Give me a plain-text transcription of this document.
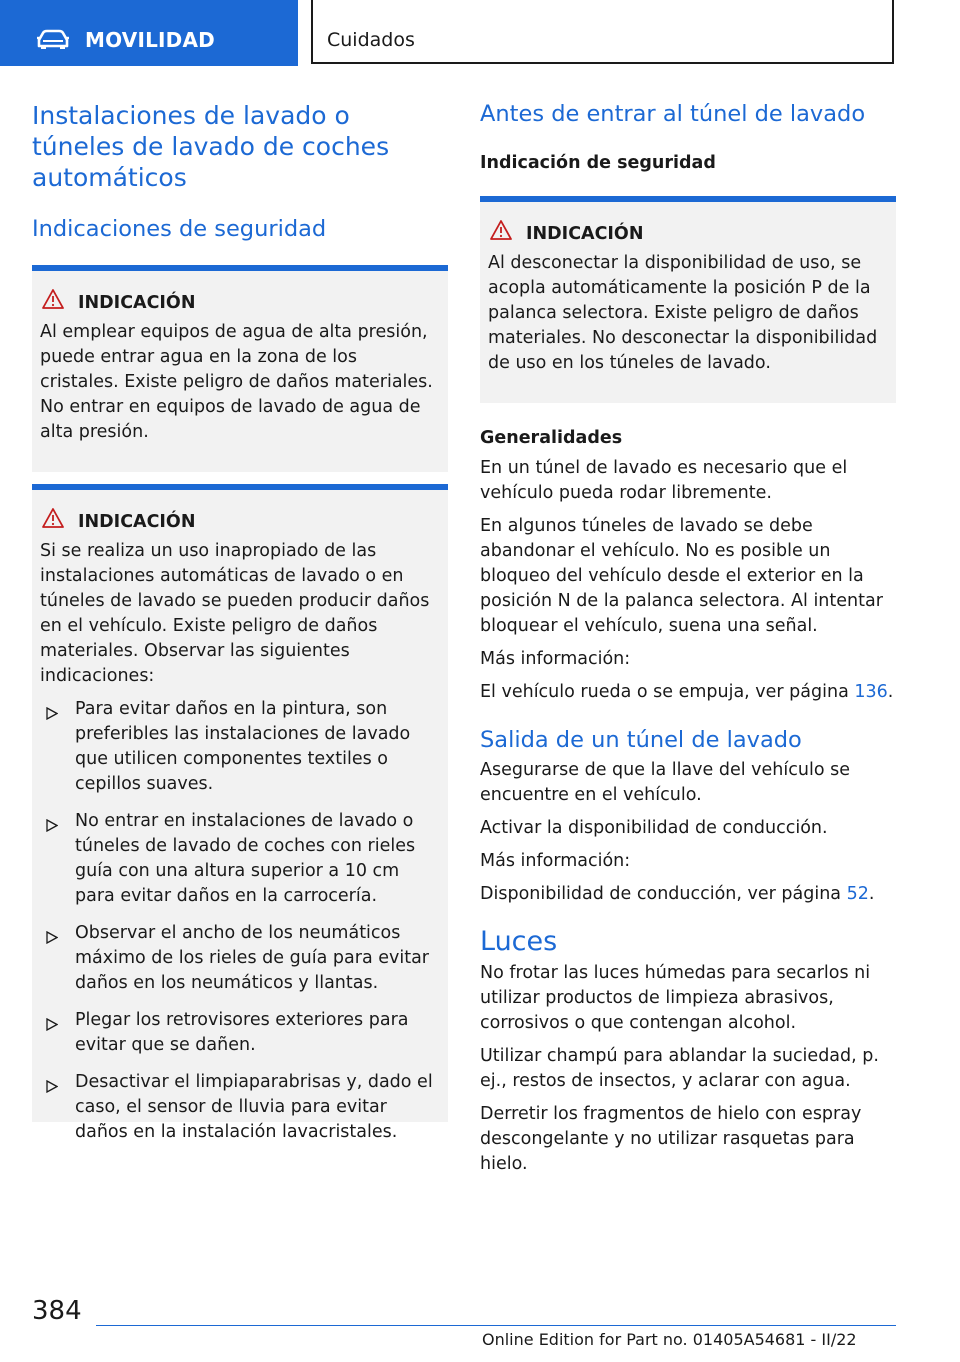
MOVILIDAD	Cuidados
Instalaciones de lavado o túneles de lavado de coches automáticos
Indicaciones de seguridad
INDICACIÓN

Al emplear equipos de agua de alta presión, puede entrar agua en la zona de los cristales. Existe peligro de daños materiales. No entrar en equipos de lavado de agua de alta presión.

INDICACIÓN

Si se realiza un uso inapropiado de las instalaciones automáticas de lavado o en túneles de lavado se pueden producir daños en el vehículo. Existe peligro de daños materiales. Observar las siguientes indicaciones:

Para evitar daños en la pintura, son preferibles las instalaciones de lavado que utilicen componentes textiles o cepillos suaves.
No entrar en instalaciones de lavado o túneles de lavado de coches con rieles guía con una altura superior a 10 cm para evitar daños en la carrocería.
Observar el ancho de los neumáticos máximo de los rieles de guía para evitar daños en los neumáticos y llantas.
Plegar los retrovisores exteriores para evitar que se dañen.
Desactivar el limpiaparabrisas y, dado el caso, el sensor de lluvia para evitar daños en la instalación lavacristales.
Antes de entrar al túnel de lavado
Indicación de seguridad
INDICACIÓN

Al desconectar la disponibilidad de uso, se acopla automáticamente la posición P de la palanca selectora. Existe peligro de daños materiales. No desconectar la disponibilidad de uso en los túneles de lavado.

Generalidades

En un túnel de lavado es necesario que el vehículo pueda rodar libremente.

En algunos túneles de lavado se debe abandonar el vehículo. No es posible un bloqueo del vehículo desde el exterior en la posición N de la palanca selectora. Al intentar bloquear el vehículo, suena una señal.

Más información:

El vehículo rueda o se empuja, ver página 136.

Salida de un túnel de lavado

Asegurarse de que la llave del vehículo se encuentre en el vehículo.

Activar la disponibilidad de conducción.

Más información:

Disponibilidad de conducción, ver página 52.

Luces

No frotar las luces húmedas para secarlos ni utilizar productos de limpieza abrasivos, corrosivos o que contengan alcohol.

Utilizar champú para ablandar la suciedad, p. ej., restos de insectos, y aclarar con agua.

Derretir los fragmentos de hielo con espray descongelante y no utilizar rasquetas para hielo.

384
Online Edition for Part no. 01405A54681 - II/22
